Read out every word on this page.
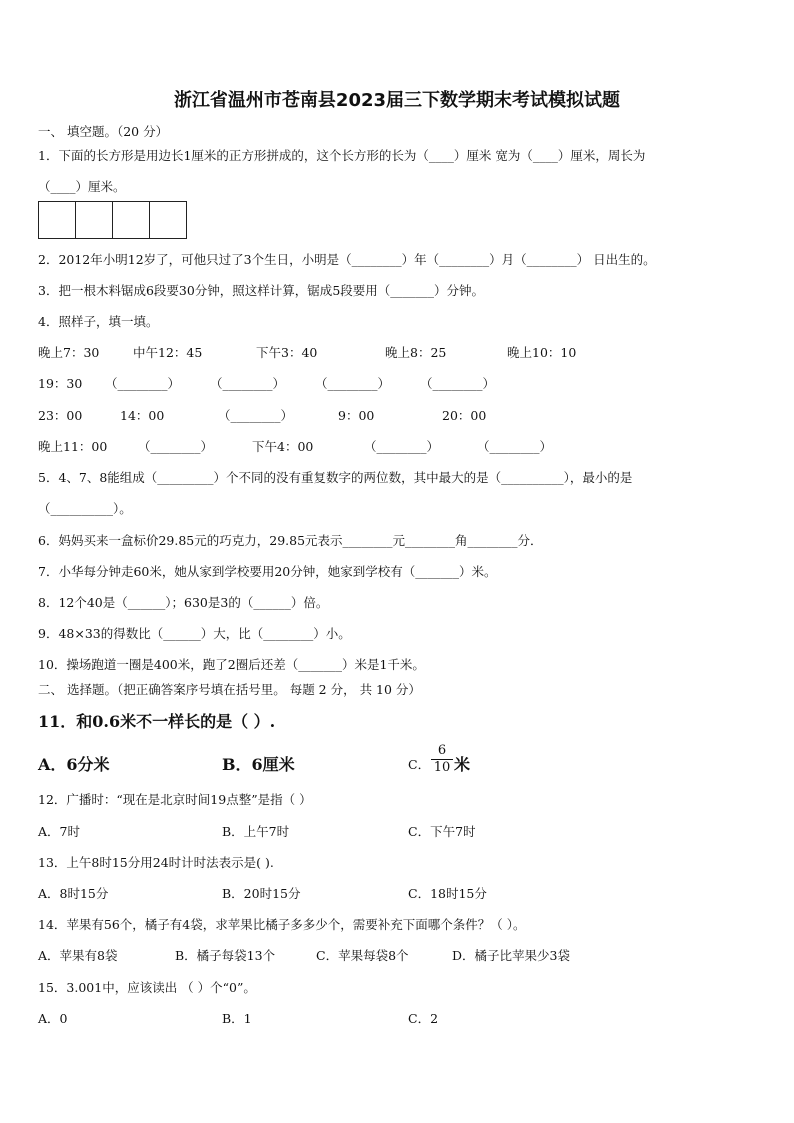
浙江省温州市苍南县2023届三下数学期末考试模拟试题
一、 填空题。（20 分）
1．下面的长方形是用边长1厘米的正方形拼成的，这个长方形的长为（____）厘米 宽为（____）厘米，周长为
（____）厘米。
2．2012年小明12岁了，可他只过了3个生日，小明是（________）年（________）月（________） 日出生的。
3．把一根木料锯成6段要30分钟，照这样计算，锯成5段要用（_______）分钟。
4．照样子，填一填。
晚上7：30	中午12：45	下午3：40	晚上8：25	晚上10：10
19：30 （________） （________） （________） （________）
23：00	14：00	（________）	9：00	20：00
晚上11：00 （________）	下午4：00	（________）	（________）
5．4、7、8能组成（_________）个不同的没有重复数字的两位数，其中最大的是（__________），最小的是
（__________）。
6．妈妈买来一盒标价29.85元的巧克力，29.85元表示________元________角________分．
7．小华每分钟走60米，她从家到学校要用20分钟，她家到学校有（_______）米。
8．12个40是（______）；630是3的（______）倍。
9．48×33的得数比（______）大，比（________）小。
10．操场跑道一圈是400米，跑了2圈后还差（_______）米是1千米。
二、 选择题。（把正确答案序号填在括号里。 每题 2 分， 共 10 分）
11．和0.6米不一样长的是（ ）.
A．6分米	B．6厘米	C． $\frac{6}{10}$ 米
12．广播时：“现在是北京时间19点整”是指（ ）
A．7时	B．上午7时	C．下午7时
13．上午8时15分用24时计时法表示是( ).
A．8时15分	B．20时15分	C．18时15分
14．苹果有56个，橘子有4袋，求苹果比橘子多多少个，需要补充下面哪个条件？（ ）。
A．苹果有8袋	B．橘子每袋13个	C．苹果每袋8个	D．橘子比苹果少3袋
15．3.001中，应该读出 （ ）个“0”。
A．0	B．1	C．2
